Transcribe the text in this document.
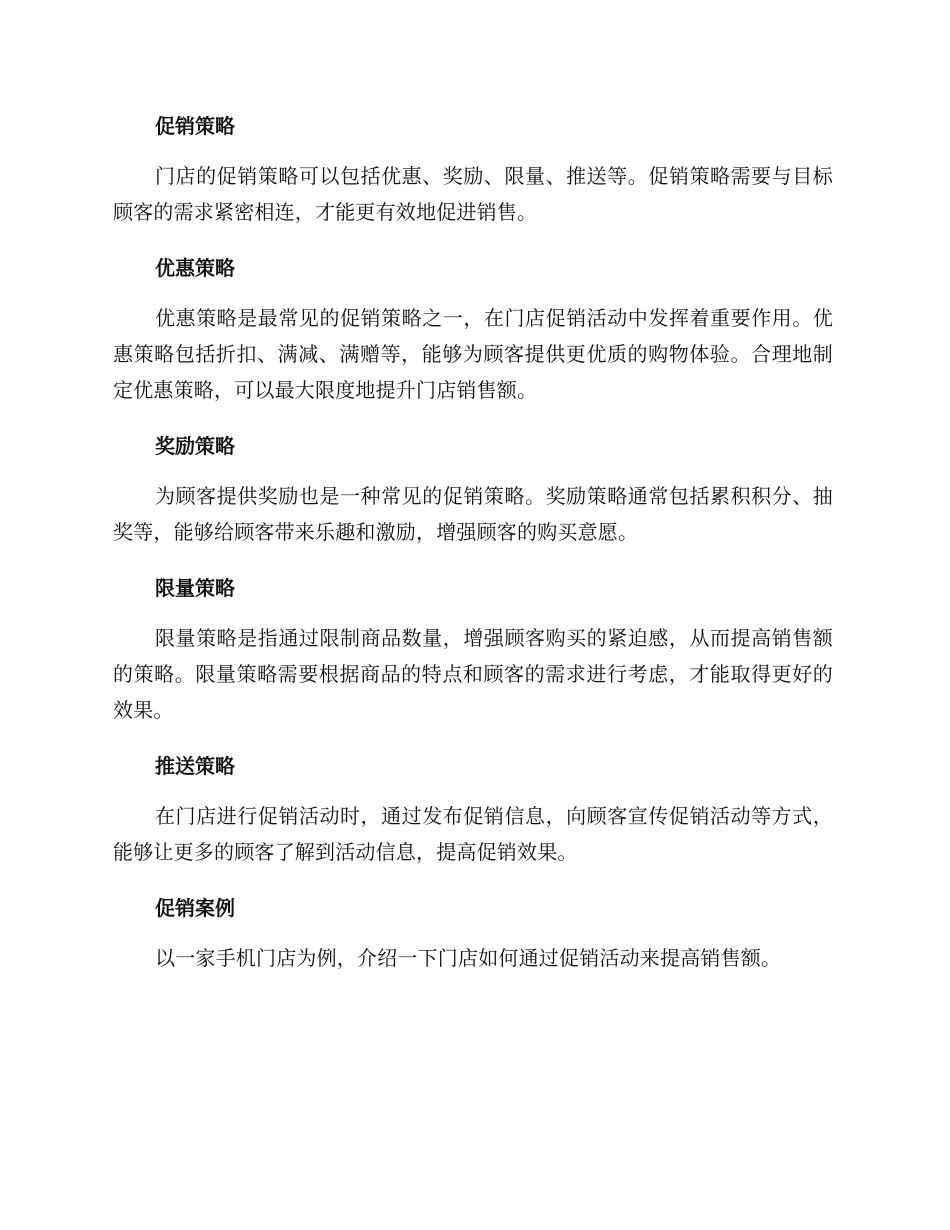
促销策略

门店的促销策略可以包括优惠、奖励、限量、推送等。促销策略需要与目标顾客的需求紧密相连，才能更有效地促进销售。

优惠策略

优惠策略是最常见的促销策略之一，在门店促销活动中发挥着重要作用。优惠策略包括折扣、满减、满赠等，能够为顾客提供更优质的购物体验。合理地制定优惠策略，可以最大限度地提升门店销售额。

奖励策略

为顾客提供奖励也是一种常见的促销策略。奖励策略通常包括累积积分、抽奖等，能够给顾客带来乐趣和激励，增强顾客的购买意愿。

限量策略

限量策略是指通过限制商品数量，增强顾客购买的紧迫感，从而提高销售额的策略。限量策略需要根据商品的特点和顾客的需求进行考虑，才能取得更好的效果。

推送策略

在门店进行促销活动时，通过发布促销信息，向顾客宣传促销活动等方式，能够让更多的顾客了解到活动信息，提高促销效果。

促销案例

以一家手机门店为例，介绍一下门店如何通过促销活动来提高销售额。
